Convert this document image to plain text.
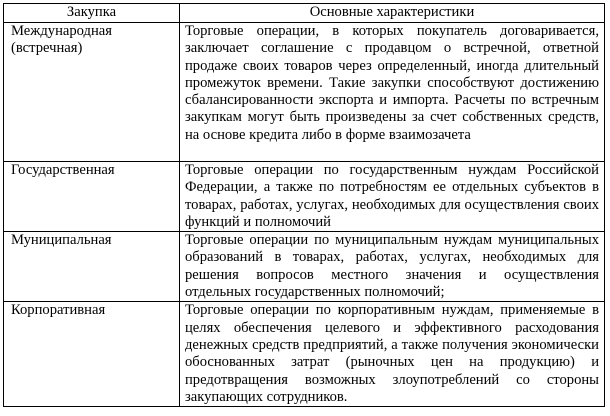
Закупка	Основные характеристики
Международная (встречная)	Торговые операции, в которых покупатель договаривается, заключает соглашение с продавцом о встречной, ответной продаже своих товаров через определенный, иногда длительный промежуток времени. Такие закупки способствуют достижению сбалансированности экспорта и импорта. Расчеты по встречным закупкам могут быть произведены за счет собственных средств, на основе кредита либо в форме взаимозачета
Государственная	Торговые операции по государственным нуждам Российской Федерации, а также по потребностям ее отдельных субъектов в товарах, работах, услугах, необходимых для осуществления своих функций и полномочий
Муниципальная	Торговые операции по муниципальным нуждам муниципальных образований в товарах, работах, услугах, необходимых для решения вопросов местного значения и осуществления отдельных государственных полномочий;
Корпоративная	Торговые операции по корпоративным нуждам, применяемые в целях обеспечения целевого и эффективного расходования денежных средств предприятий, а также получения экономически обоснованных затрат (рыночных цен на продукцию) и предотвращения возможных злоупотреблений со стороны закупающих сотрудников.
